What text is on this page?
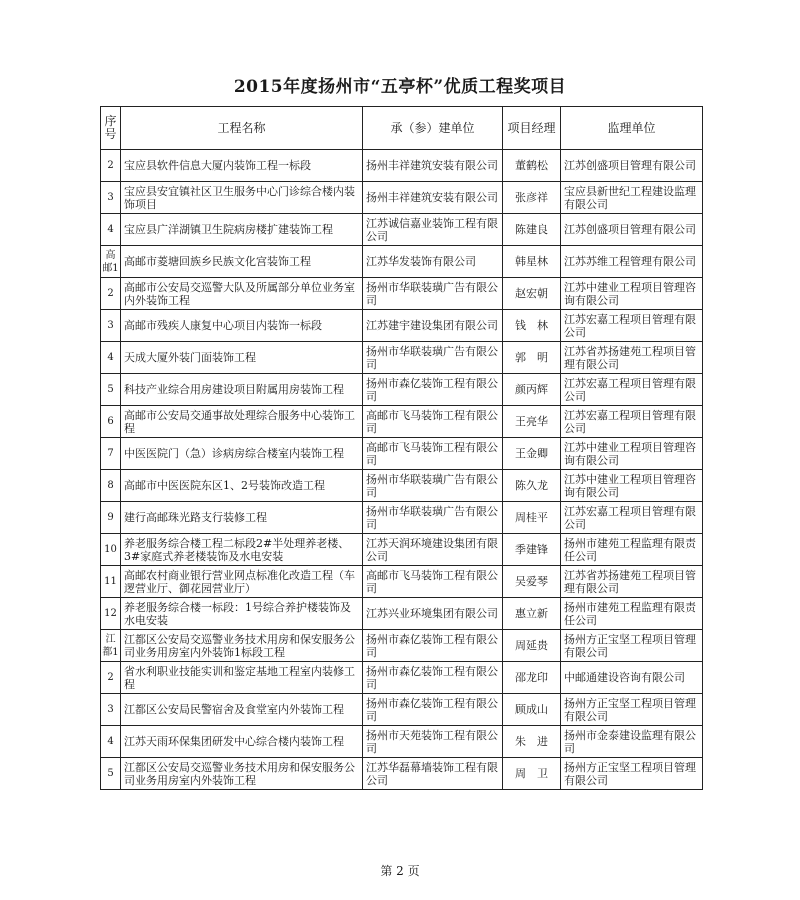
2015年度扬州市“五亭杯”优质工程奖项目
序号	工程名称	承（参）建单位	项目经理	监理单位
2	宝应县软件信息大厦内装饰工程一标段	扬州丰祥建筑安装有限公司	董鹤松	江苏创盛项目管理有限公司
3	宝应县安宜镇社区卫生服务中心门诊综合楼内装饰项目	扬州丰祥建筑安装有限公司	张彦祥	宝应县新世纪工程建设监理有限公司
4	宝应县广洋湖镇卫生院病房楼扩建装饰工程	江苏诚信嘉业装饰工程有限公司	陈建良	江苏创盛项目管理有限公司
高邮1	高邮市菱塘回族乡民族文化宫装饰工程	江苏华发装饰有限公司	韩星林	江苏苏维工程管理有限公司
2	高邮市公安局交巡警大队及所属部分单位业务室内外装饰工程	扬州市华联装璜广告有限公司	赵宏朝	江苏中建业工程项目管理咨询有限公司
3	高邮市残疾人康复中心项目内装饰一标段	江苏建宇建设集团有限公司	钱　林	江苏宏嘉工程项目管理有限公司
4	天成大厦外装门面装饰工程	扬州市华联装璜广告有限公司	郭　明	江苏省苏扬建苑工程项目管理有限公司
5	科技产业综合用房建设项目附属用房装饰工程	扬州市森亿装饰工程有限公司	颜丙辉	江苏宏嘉工程项目管理有限公司
6	高邮市公安局交通事故处理综合服务中心装饰工程	高邮市飞马装饰工程有限公司	王亮华	江苏宏嘉工程项目管理有限公司
7	中医医院门（急）诊病房综合楼室内装饰工程	高邮市飞马装饰工程有限公司	王金卿	江苏中建业工程项目管理咨询有限公司
8	高邮市中医医院东区1、2号装饰改造工程	扬州市华联装璜广告有限公司	陈久龙	江苏中建业工程项目管理咨询有限公司
9	建行高邮珠光路支行装修工程	扬州市华联装璜广告有限公司	周桂平	江苏宏嘉工程项目管理有限公司
10	养老服务综合楼工程二标段2#半处理养老楼、3#家庭式养老楼装饰及水电安装	江苏天润环境建设集团有限公司	季建锋	扬州市建苑工程监理有限责任公司
11	高邮农村商业银行营业网点标准化改造工程（车逻营业厅、御花园营业厅）	高邮市飞马装饰工程有限公司	吴爱琴	江苏省苏扬建苑工程项目管理有限公司
12	养老服务综合楼一标段：1号综合养护楼装饰及水电安装	江苏兴业环境集团有限公司	惠立新	扬州市建苑工程监理有限责任公司
江都1	江都区公安局交巡警业务技术用房和保安服务公司业务用房室内外装饰1标段工程	扬州市森亿装饰工程有限公司	周延贵	扬州方正宝坚工程项目管理有限公司
2	省水利职业技能实训和鉴定基地工程室内装修工程	扬州市森亿装饰工程有限公司	邵龙印	中邮通建设咨询有限公司
3	江都区公安局民警宿舍及食堂室内外装饰工程	扬州市森亿装饰工程有限公司	顾成山	扬州方正宝坚工程项目管理有限公司
4	江苏天雨环保集团研发中心综合楼内装饰工程	扬州市天苑装饰工程有限公司	朱　进	扬州市金泰建设监理有限公司
5	江都区公安局交巡警业务技术用房和保安服务公司业务用房室内外装饰工程	江苏华磊幕墙装饰工程有限公司	周　卫	扬州方正宝坚工程项目管理有限公司
第 2 页
